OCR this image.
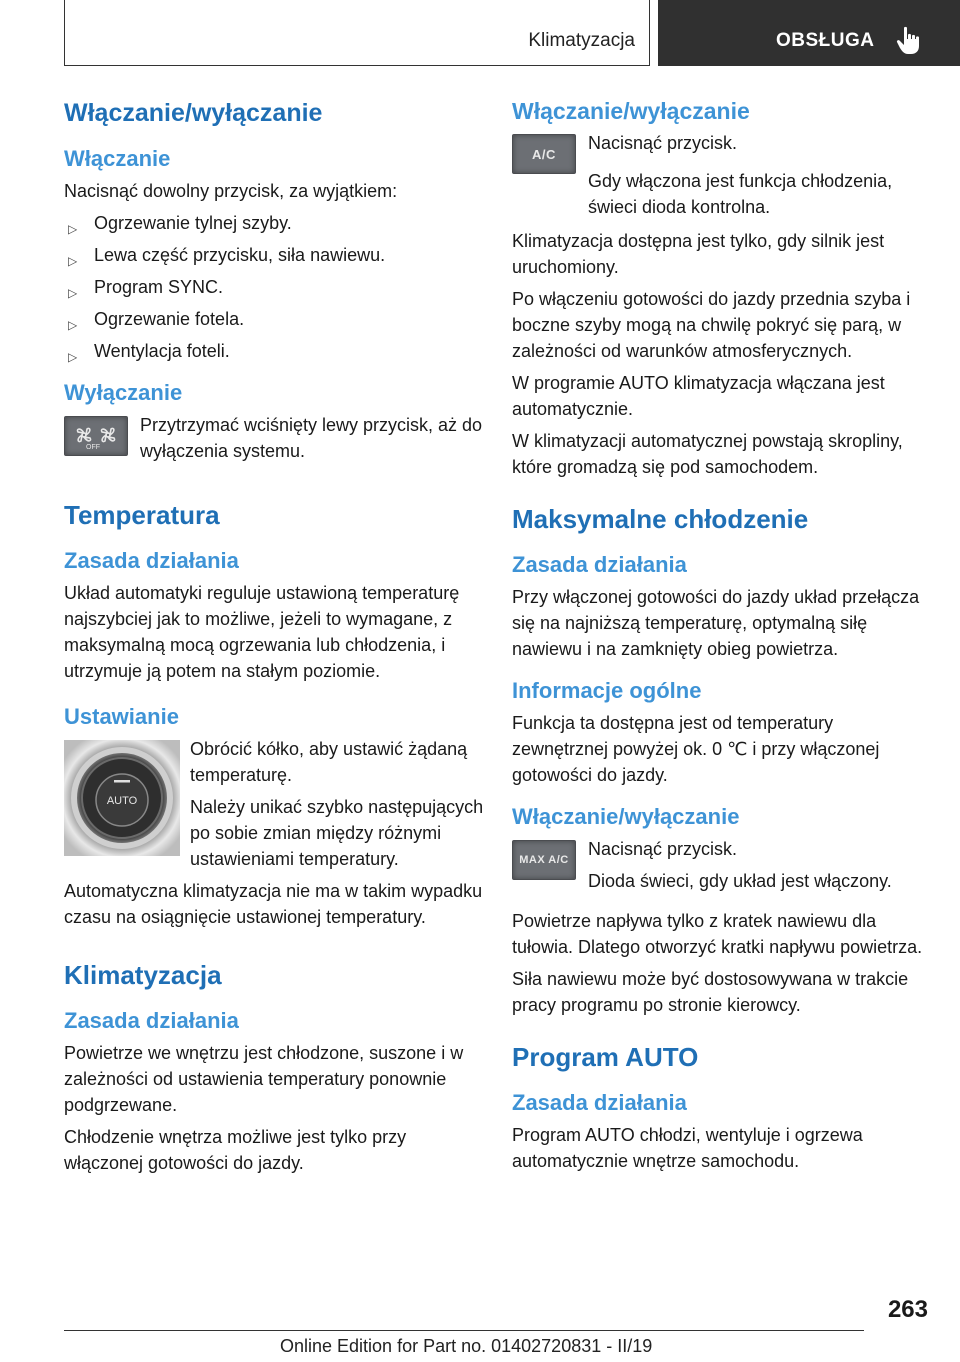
Klimatyzacja	OBSŁUGA
Włączanie/wyłączanie
Włączanie

Nacisnąć dowolny przycisk, za wyjątkiem:

▷ Ogrzewanie tylnej szyby.
▷ Lewa część przycisku, siła nawiewu.
▷ Program SYNC.
▷ Ogrzewanie fotela.
▷ Wentylacja foteli.
Wyłączanie
OFF

Przytrzymać wciśnięty lewy przycisk, aż do wyłączenia systemu.

Temperatura
Zasada działania

Układ automatyki reguluje ustawioną temperaturę najszybciej jak to możliwe, jeżeli to wymagane, z maksymalną mocą ogrzewania lub chłodzenia, i utrzymuje ją potem na stałym poziomie.

Ustawianie
AUTO

Obrócić kółko, aby ustawić żądaną temperaturę.

Należy unikać szybko następujących po sobie zmian między różnymi ustawieniami temperatury.

Automatyczna klimatyzacja nie ma w takim wypadku czasu na osiągnięcie ustawionej temperatury.

Klimatyzacja
Zasada działania

Powietrze we wnętrzu jest chłodzone, suszone i w zależności od ustawienia temperatury ponownie podgrzewane.

Chłodzenie wnętrza możliwe jest tylko przy włączonej gotowości do jazdy.

Włączanie/wyłączanie
A/C

Nacisnąć przycisk.

Gdy włączona jest funkcja chłodzenia, świeci dioda kontrolna.

Klimatyzacja dostępna jest tylko, gdy silnik jest uruchomiony.

Po włączeniu gotowości do jazdy przednia szyba i boczne szyby mogą na chwilę pokryć się parą, w zależności od warunków atmosferycznych.

W programie AUTO klimatyzacja włączana jest automatycznie.

W klimatyzacji automatycznej powstają skropliny, które gromadzą się pod samochodem.

Maksymalne chłodzenie
Zasada działania

Przy włączonej gotowości do jazdy układ przełącza się na najniższą temperaturę, optymalną siłę nawiewu i na zamknięty obieg powietrza.

Informacje ogólne

Funkcja ta dostępna jest od temperatury zewnętrznej powyżej ok. 0 ℃ i przy włączonej gotowości do jazdy.

Włączanie/wyłączanie
MAX A/C

Nacisnąć przycisk.

Dioda świeci, gdy układ jest włączony.

Powietrze napływa tylko z kratek nawiewu dla tułowia. Dlatego otworzyć kratki napływu powietrza.

Siła nawiewu może być dostosowywana w trakcie pracy programu po stronie kierowcy.

Program AUTO
Zasada działania

Program AUTO chłodzi, wentyluje i ogrzewa automatycznie wnętrze samochodu.

263
Online Edition for Part no. 01402720831 - II/19
